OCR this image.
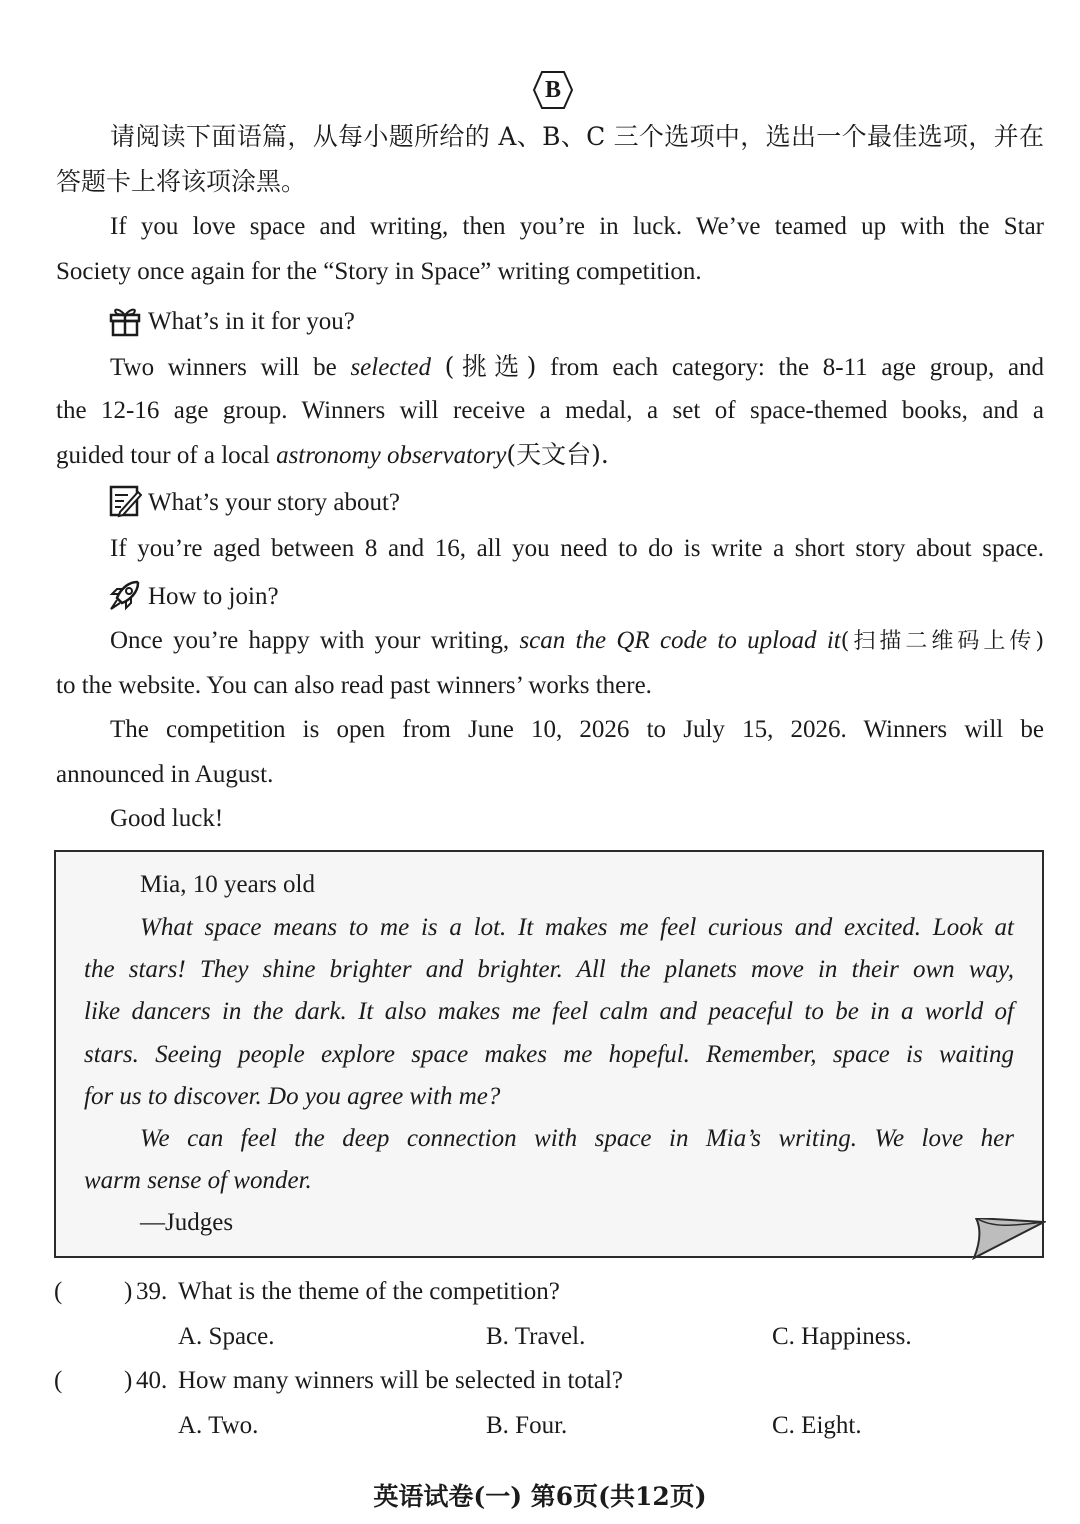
B
请阅读下面语篇，从每小题所给的 A、B、C 三个选项中，选出一个最佳选项，并在
答题卡上将该项涂黑。
If you love space and writing, then you’re in luck. We’ve teamed up with the Star
Society once again for the “Story in Space” writing competition.
What’s in it for you?
Two winners will be selected (挑选) from each category: the 8-11 age group, and
the 12-16 age group. Winners will receive a medal, a set of space-themed books, and a
guided tour of a local astronomy observatory(天文台).
What’s your story about?
If you’re aged between 8 and 16, all you need to do is write a short story about space.
How to join?
Once you’re happy with your writing, scan the QR code to upload it(扫描二维码上传)
to the website. You can also read past winners’ works there.
The competition is open from June 10, 2026 to July 15, 2026. Winners will be
announced in August.
Good luck!
Mia, 10 years old
What space means to me is a lot. It makes me feel curious and excited. Look at
the stars! They shine brighter and brighter. All the planets move in their own way,
like dancers in the dark. It also makes me feel calm and peaceful to be in a world of
stars. Seeing people explore space makes me hopeful. Remember, space is waiting
for us to discover. Do you agree with me?
We can feel the deep connection with space in Mia’s writing. We love her
warm sense of wonder.
—Judges
( ) 39. What is the theme of the competition?
A. Space.	B. Travel.	C. Happiness.
( ) 40. How many winners will be selected in total?
A. Two.	B. Four.	C. Eight.
英语试卷(一) 第6页(共12页)
